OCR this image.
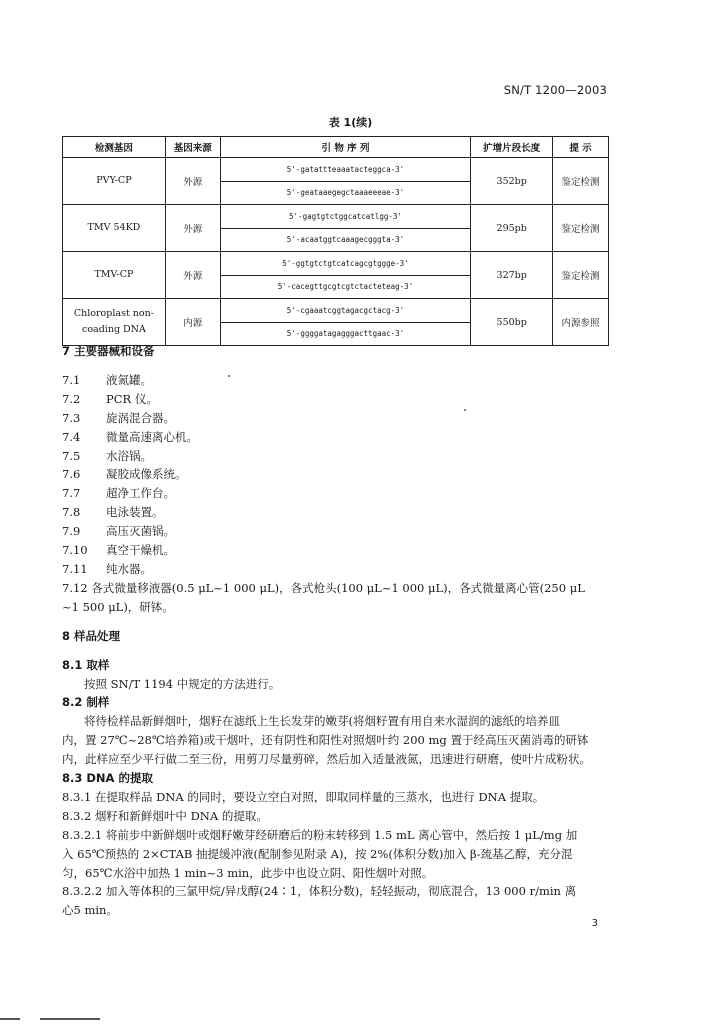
SN/T 1200—2003
表 1(续)
检测基因	基因来源	引 物 序 列	扩增片段长度	提 示
PVY-CP	外源	5'-gatattteaaatacteggca-3'	352bp	鉴定检测
		5'-geataaegegctaaaeeeae-3'		
TMV 54KD	外源	5'-gagtgtctggcatcatlgg-3'	295pb	鉴定检测
		5'-acaatggtcaaagecgggta-3'		
TMV-CP	外源	5'-ggtgtctgtcatcagcgtggge-3'	327bp	鉴定检测
		5'-cacegttgcgtcgtctacteteag-3'		
Chloroplast non-coading DNA	内源	5'-cgaaatcggtagacgctacg-3'	550bp	内源参照
		5'-ggggatagagggacttgaac-3'		

7 主要器械和设备

7.1 液氮罐。

7.2 PCR 仪。

7.3 旋涡混合器。

7.4 微量高速离心机。

7.5 水浴锅。

7.6 凝胶成像系统。

7.7 超净工作台。

7.8 电泳装置。

7.9 高压灭菌锅。

7.10 真空干燥机。

7.11 纯水器。

7.12 各式微量移液器(0.5 μL~1 000 μL)，各式枪头(100 μL~1 000 μL)，各式微量离心管(250 μL

~1 500 μL)，研钵。

8 样品处理

8.1 取样

按照 SN/T 1194 中规定的方法进行。

8.2 制样

将待检样品新鲜烟叶，烟籽在滤纸上生长发芽的嫩芽(将烟籽置有用自来水湿润的滤纸的培养皿

内，置 27℃~28℃培养箱)或干烟叶，还有阴性和阳性对照烟叶约 200 mg 置于经高压灭菌消毒的研钵

内，此样应至少平行做二至三份，用剪刀尽量剪碎，然后加入适量液氮，迅速进行研磨，使叶片成粉状。

8.3 DNA 的提取

8.3.1 在提取样品 DNA 的同时，要设立空白对照，即取同样量的三蒸水，也进行 DNA 提取。

8.3.2 烟籽和新鲜烟叶中 DNA 的提取。

8.3.2.1 将前步中新鲜烟叶或烟籽嫩芽经研磨后的粉末转移到 1.5 mL 离心管中，然后按 1 μL/mg 加

入 65℃预热的 2×CTAB 抽提缓冲液(配制参见附录 A)，按 2%(体积分数)加入 β-巯基乙醇，充分混

匀，65℃水浴中加热 1 min~3 min，此步中也设立阴、阳性烟叶对照。

8.3.2.2 加入等体积的三氯甲烷/异戊醇(24∶1，体积分数)，轻轻振动，彻底混合，13 000 r/min 离

心5 min。

3
